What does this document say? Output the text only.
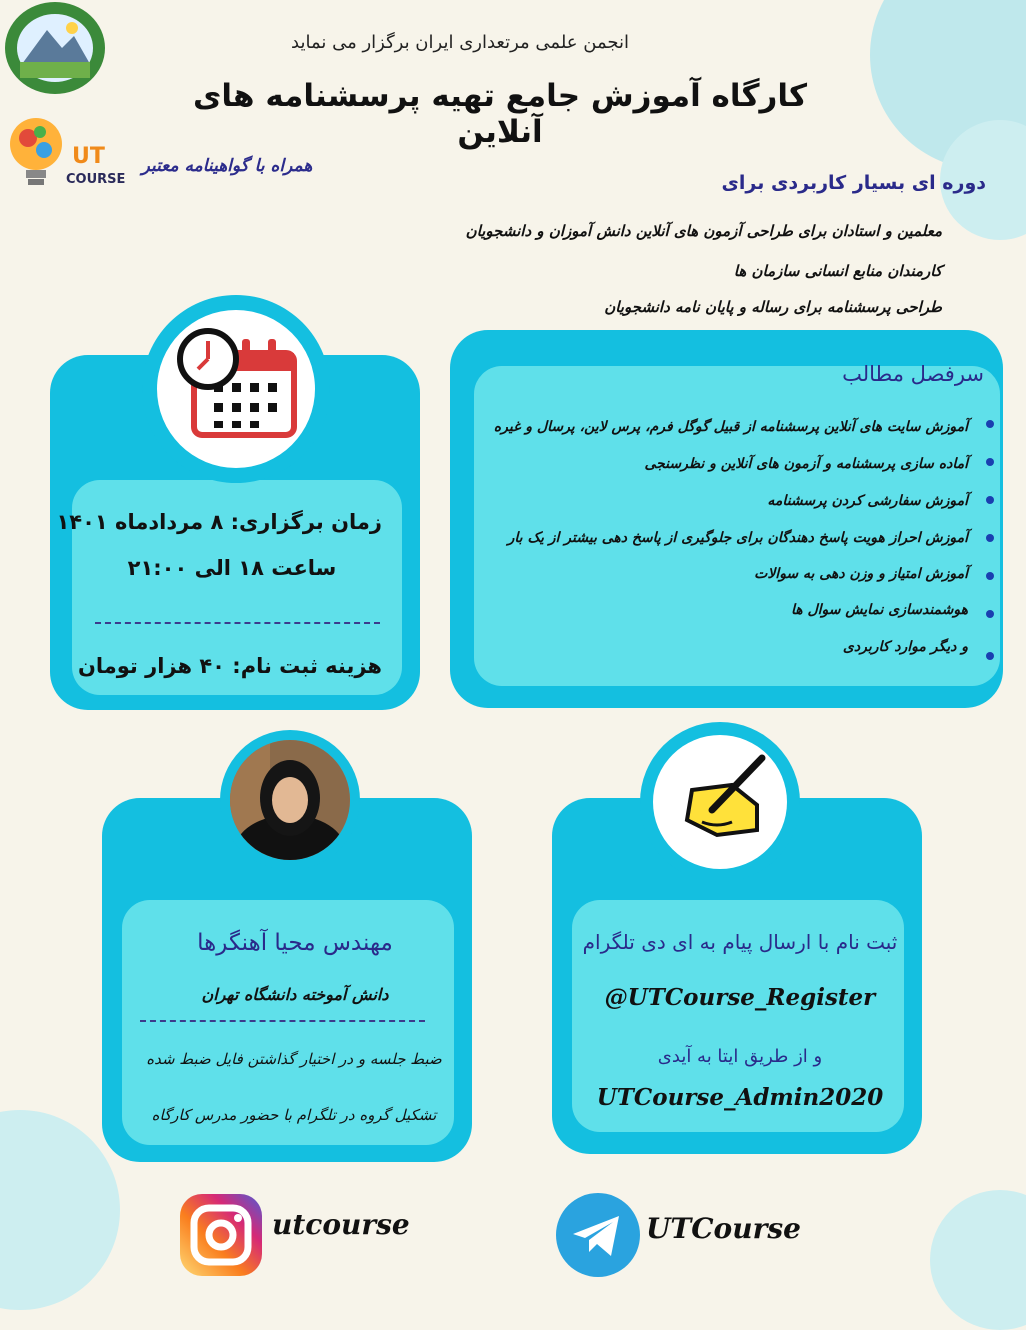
UT
COURSE
انجمن علمی مرتعداری ایران برگزار می نماید
کارگاه آموزش جامع تهیه پرسشنامه های آنلاین
همراه با گواهینامه معتبر
دوره ای بسیار کاربردی برای
معلمین و استادان برای طراحی آزمون های آنلاین دانش آموزان و دانشجویان
کارمندان منابع انسانی سازمان ها
طراحی پرسشنامه برای رساله و پایان نامه دانشجویان
سرفصل مطالب
آموزش سایت های آنلاین پرسشنامه از قبیل گوگل فرم، پرس لاین، پرسال و غیره
آماده سازی پرسشنامه و آزمون های آنلاین و نظرسنجی
آموزش سفارشی کردن پرسشنامه
آموزش احراز هویت پاسخ دهندگان برای جلوگیری از پاسخ دهی بیشتر از یک بار
آموزش امتیاز و وزن دهی به سوالات
هوشمندسازی نمایش سوال ها
و دیگر موارد کاربردی
زمان برگزاری: ۸ مردادماه ۱۴۰۱
ساعت ۱۸ الی ۲۱:۰۰
هزینه ثبت نام: ۴۰ هزار تومان
مهندس محیا آهنگرها
دانش آموخته دانشگاه تهران
ضبط جلسه و در اختیار گذاشتن فایل ضبط شده
تشکیل گروه در تلگرام با حضور مدرس کارگاه
ثبت نام با ارسال پیام به ای دی تلگرام
@UTCourse_Register
و از طریق ایتا به آیدی
UTCourse_Admin2020
utcourse	UTCourse
